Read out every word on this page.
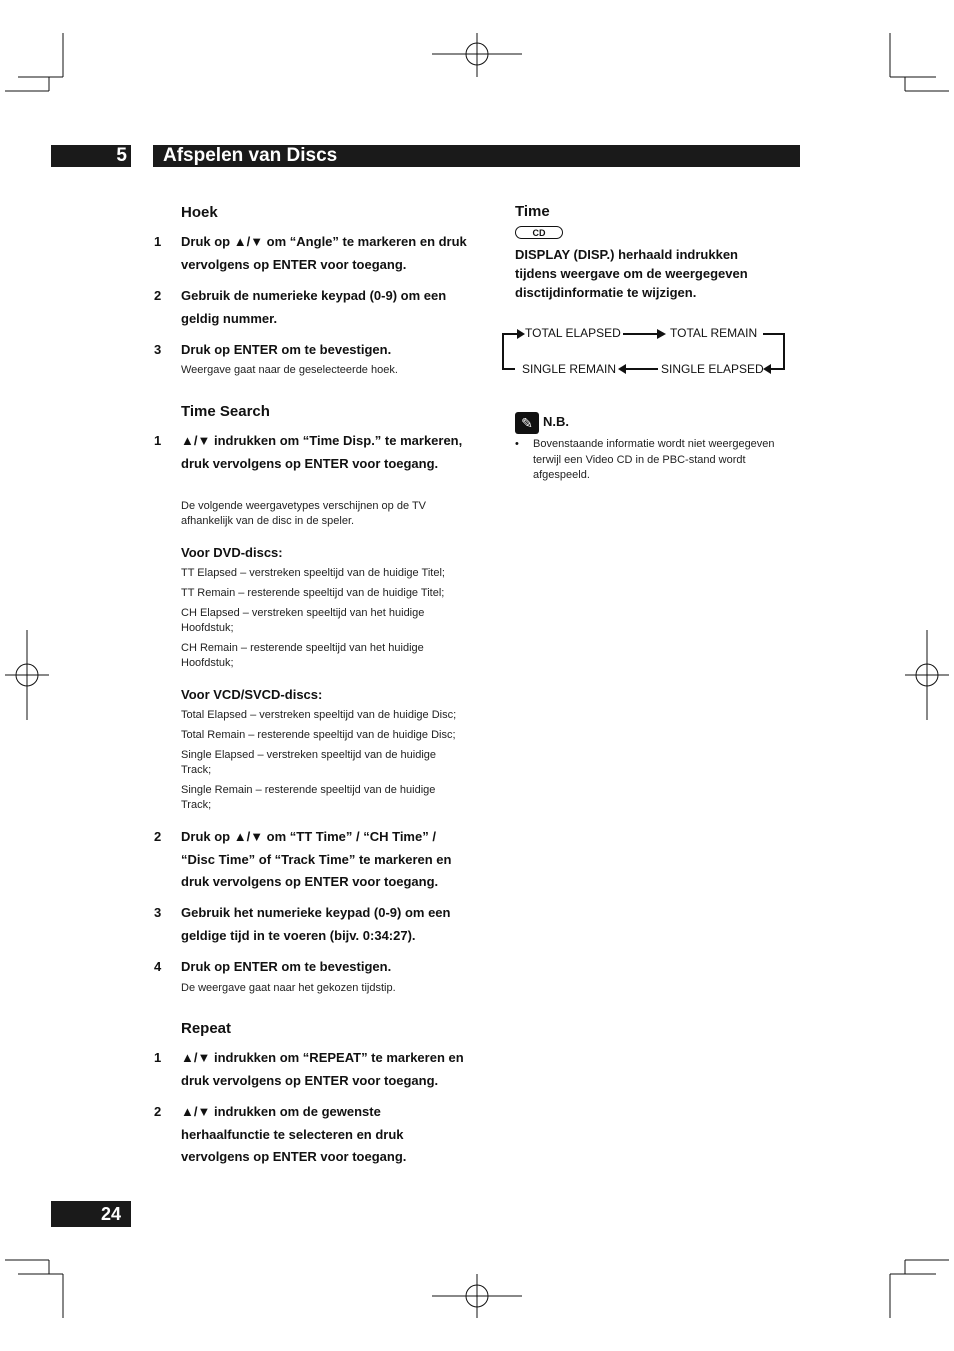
5	Afspelen van Discs
Hoek
1 Druk op ▲/▼ om “Angle” te markeren en druk vervolgens op ENTER voor toegang.
2 Gebruik de numerieke keypad (0-9) om een geldig nummer.
3 Druk op ENTER om te bevestigen.
Weergave gaat naar de geselecteerde hoek.
Time Search
1 ▲/▼ indrukken om “Time Disp.” te markeren, druk vervolgens op ENTER voor toegang.
De volgende weergavetypes verschijnen op de TV afhankelijk van de disc in de speler.
Voor DVD-discs:
TT Elapsed – verstreken speeltijd van de huidige Titel;
TT Remain – resterende speeltijd van de huidige Titel;
CH Elapsed – verstreken speeltijd van het huidige Hoofdstuk;
CH Remain – resterende speeltijd van het huidige Hoofdstuk;
Voor VCD/SVCD-discs:
Total Elapsed – verstreken speeltijd van de huidige Disc;
Total Remain – resterende speeltijd van de huidige Disc;
Single Elapsed – verstreken speeltijd van de huidige Track;
Single Remain – resterende speeltijd van de huidige Track;
2 Druk op ▲/▼ om “TT Time” / “CH Time” / “Disc Time” of “Track Time” te markeren en druk vervolgens op ENTER voor toegang.
3 Gebruik het numerieke keypad (0-9) om een geldige tijd in te voeren (bijv. 0:34:27).
4 Druk op ENTER om te bevestigen.
De weergave gaat naar het gekozen tijdstip.
Repeat
1 ▲/▼ indrukken om “REPEAT” te markeren en druk vervolgens op ENTER voor toegang.
2 ▲/▼ indrukken om de gewenste herhaalfunctie te selecteren en druk vervolgens op ENTER voor toegang.
Time
CD
DISPLAY (DISP.) herhaald indrukken tijdens weergave om de weergegeven disctijdinformatie te wijzigen.
TOTAL ELAPSED	TOTAL REMAIN
SINGLE REMAIN	SINGLE ELAPSED
✎ N.B.
• Bovenstaande informatie wordt niet weergegeven terwijl een Video CD in de PBC-stand wordt afgespeeld.
24
